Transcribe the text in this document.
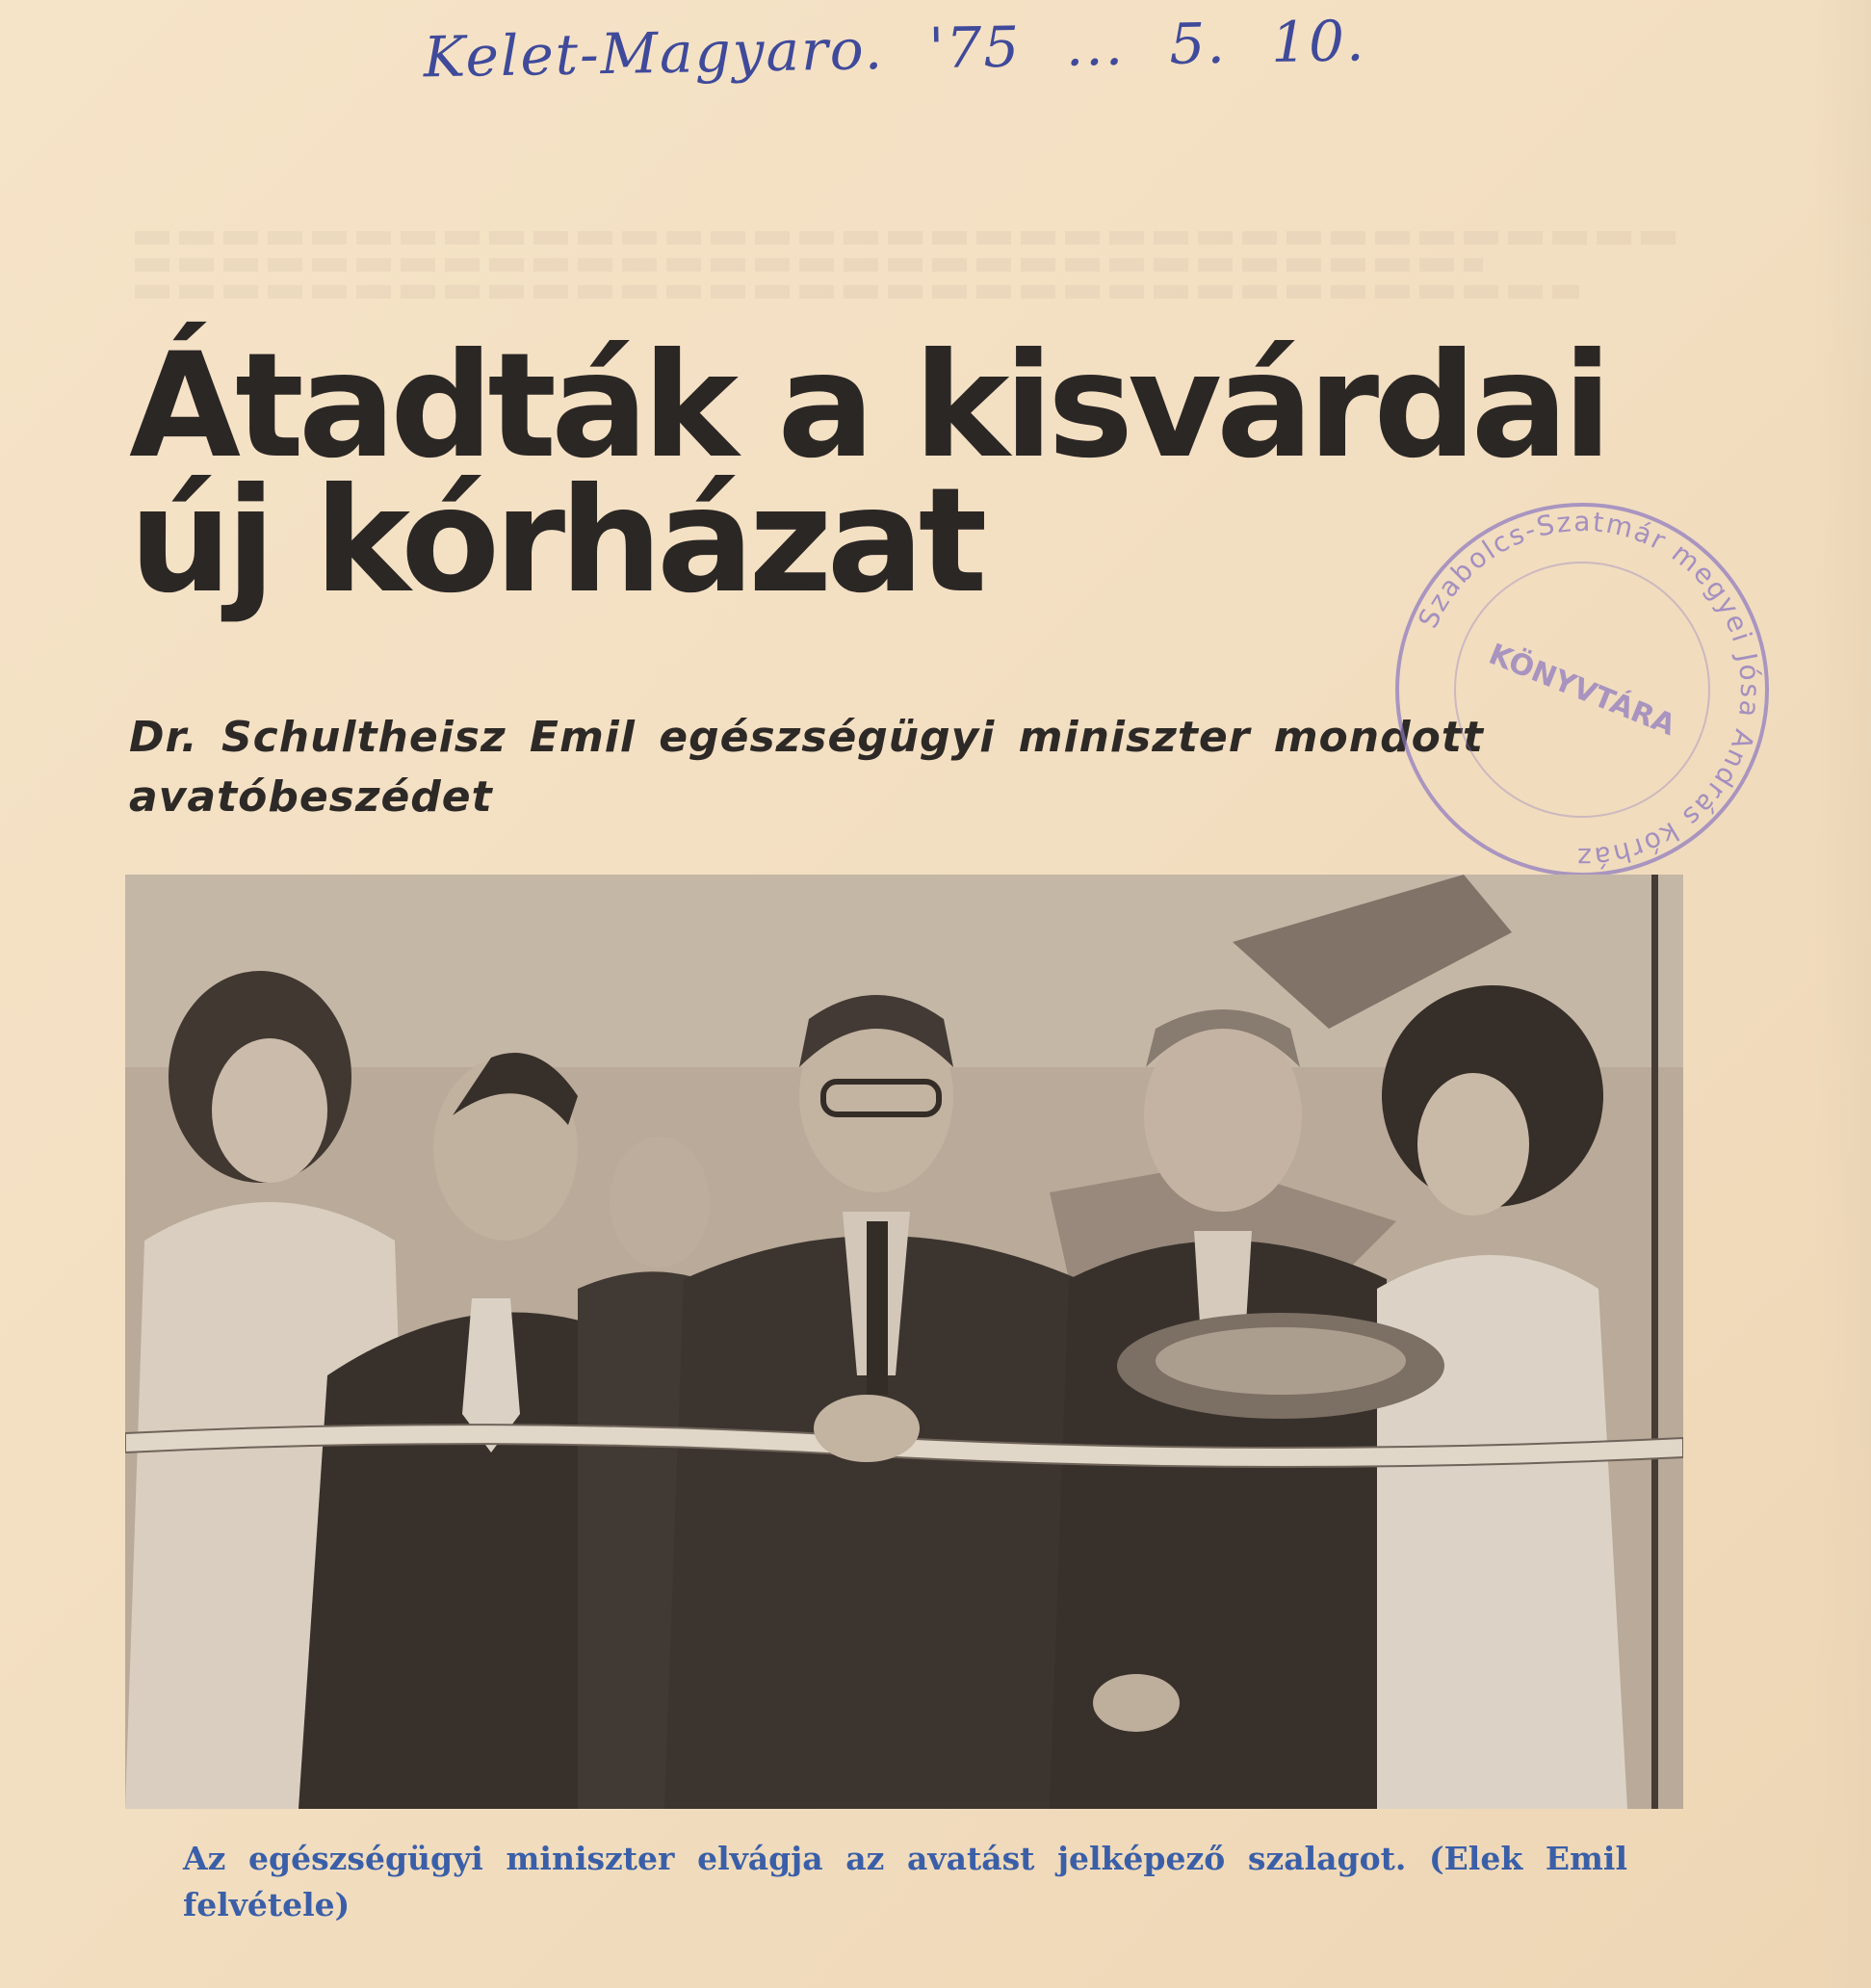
Kelet-Magyaro. '75 ... 5. 10.
Átadták a kisvárdai
új kórházat

Dr. Schultheisz Emil egészségügyi miniszter mondott avatóbeszédet

Szabolcs-Szatmár megyei Jósa András kórház
KÖNYVTÁRA

Az egészségügyi miniszter elvágja az avatást jelképező szalagot. (Elek Emil felvétele)
